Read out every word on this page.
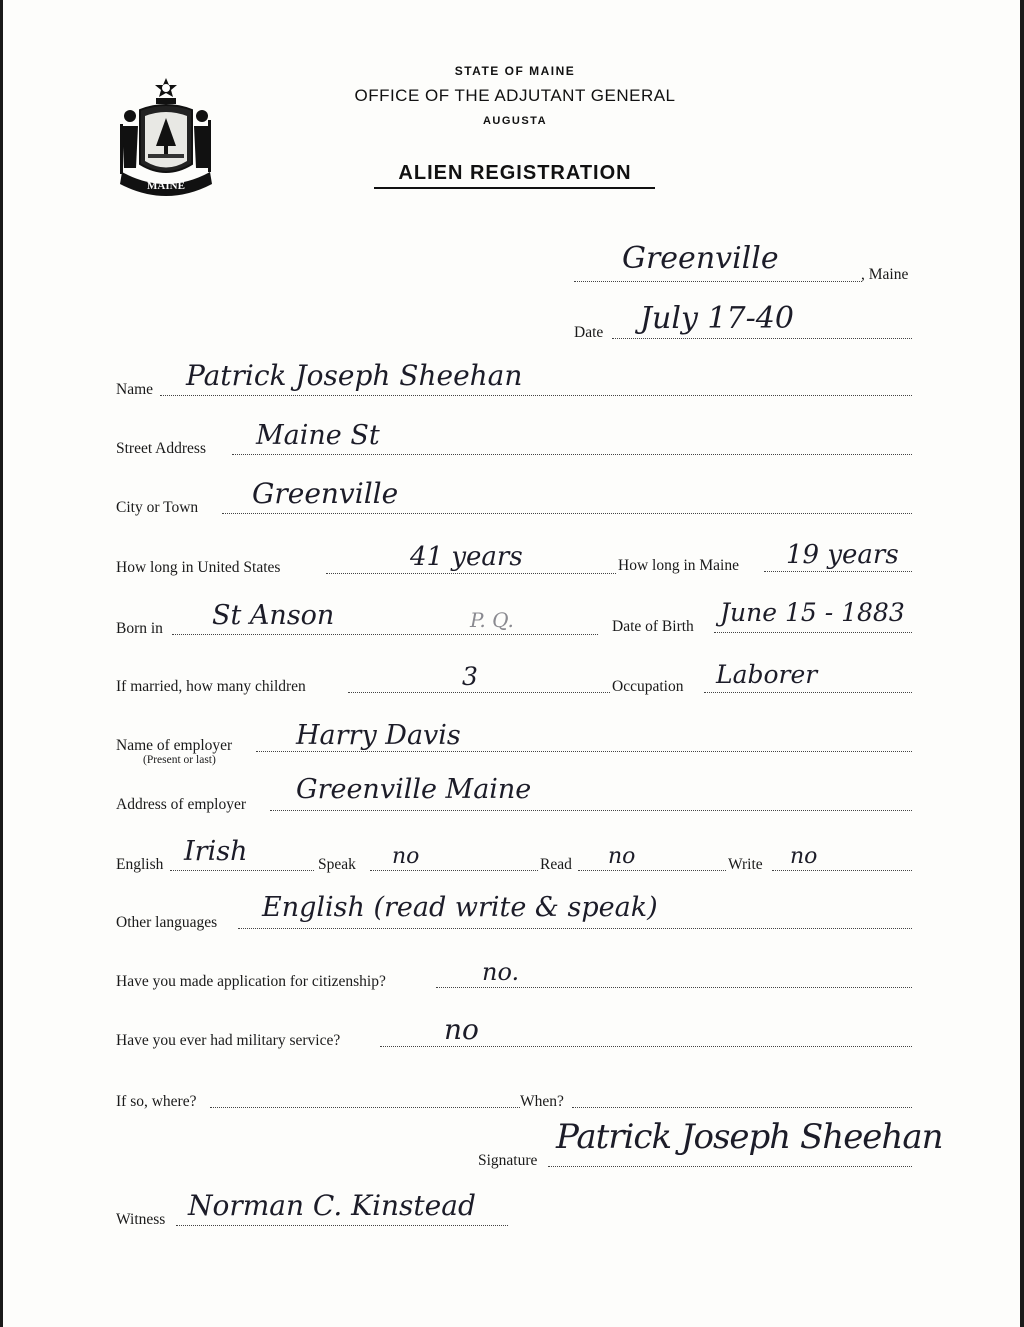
MAINE
STATE OF MAINE
OFFICE OF THE ADJUTANT GENERAL
AUGUSTA
ALIEN REGISTRATION
Greenville	, Maine
Date July 17-40
Name Patrick Joseph Sheehan
Street Address Maine St
City or Town Greenville
How long in United States	41 years	How long in Maine 19 years
Born in St Anson	P. Q.	Date of Birth June 15 - 1883
If married, how many children	3	Occupation Laborer
Name of employer
(Present or last)
Harry Davis
Address of employer Greenville Maine
English Irish	Speak no	Read no	Write no
Other languages English (read write & speak)
Have you made application for citizenship?	no.
Have you ever had military service?	no
If so, where?	When?
Signature
Patrick Joseph Sheehan
Witness Norman C. Kinstead
